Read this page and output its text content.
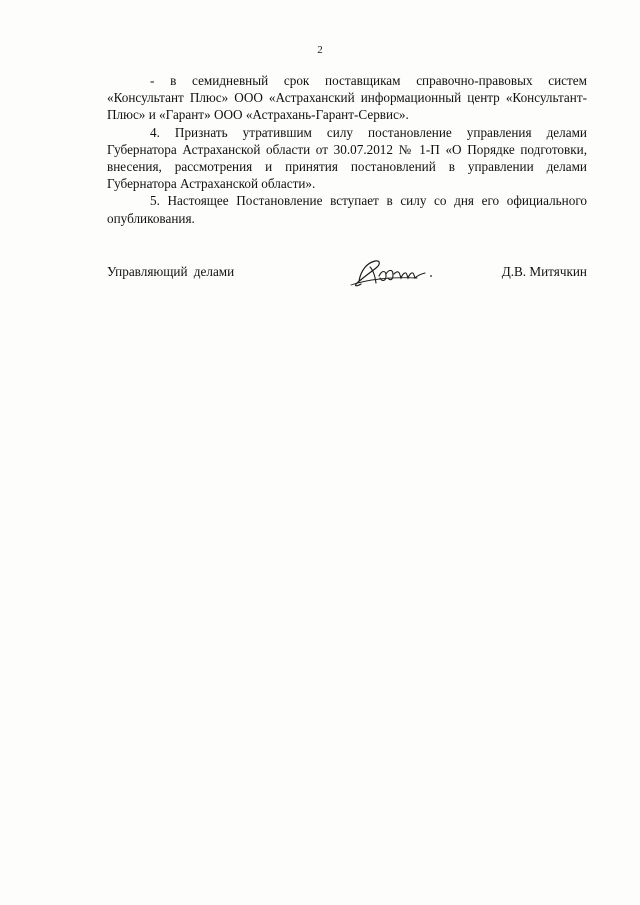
2

- в семидневный срок поставщикам справочно-правовых систем «Консультант Плюс» ООО «Астраханский информационный центр «Консультант-Плюс» и «Гарант» ООО «Астрахань-Гарант-Сервис».

4. Признать утратившим силу постановление управления делами Губернатора Астраханской области от 30.07.2012 № 1-П «О Порядке подготовки, внесения, рассмотрения и принятия постановлений в управлении делами Губернатора Астраханской области».

5. Настоящее Постановление вступает в силу со дня его официального опубликования.

Управляющий делами	Д.В. Митячкин
